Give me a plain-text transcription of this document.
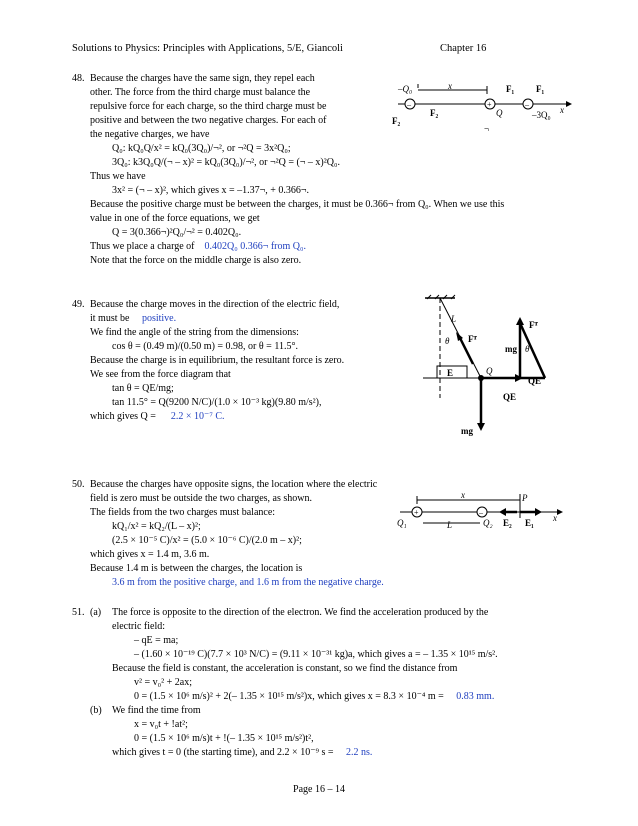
Solutions to Physics: Principles with Applications, 5/E, Giancoli	Chapter 16
48. Because the charges have the same sign, they repel each
other. The force from the third charge must balance the
repulsive force for each charge, so the third charge must be
positive and between the two negative charges. For each of
the negative charges, we have
Q₀: kQ₀Q/x² = kQ₀(3Q₀)/¬², or ¬²Q = 3x²Q₀;
3Q₀: k3Q₀Q/(¬ – x)² = kQ₀(3Q₀)/¬², or ¬²Q = (¬ – x)²Q₀.
Thus we have
3x² = (¬ – x)², which gives x = –1.37¬, + 0.366¬.
Because the positive charge must be between the charges, it must be 0.366¬ from Q₀. When we use this
value in one of the force equations, we get
Q = 3(0.366¬)²Q₀/¬² = 0.402Q₀.
Thus we place a charge of 0.402Q₀ 0.366¬ from Q₀.
Note that the force on the middle charge is also zero.
–	+	–
–Q₀	x	F₁ F₁
x
F₂
F₂	Q	–3Q₀
¬
49. Because the charge moves in the direction of the electric field,
it must be positive.
We find the angle of the string from the dimensions:
cos θ = (0.49 m)/(0.50 m) = 0.98, or θ = 11.5°.
Because the charge is in equilibrium, the resultant force is zero.
We see from the force diagram that
tan θ = QE/mg;
tan 11.5° = Q(9200 N/C)/(1.0 × 10⁻³ kg)(9.80 m/s²),
which gives Q = 2.2 × 10⁻⁷ C.
L
θ Fᵀ
E	Q
QE
mg
Fᵀ
mg θ
QE
50. Because the charges have opposite signs, the location where the electric
field is zero must be outside the two charges, as shown.
The fields from the two charges must balance:
kQ₁/x² = kQ₂/(L – x)²;
(2.5 × 10⁻⁵ C)/x² = (5.0 × 10⁻⁶ C)/(2.0 m – x)²;
which gives x = 1.4 m, 3.6 m.
Because 1.4 m is between the charges, the location is
3.6 m from the positive charge, and 1.6 m from the negative charge.
+	–
x	P
x
Q₁	L	Q₂ E₂ E₁
51. (a) The force is opposite to the direction of the electron. We find the acceleration produced by the
electric field:
– qE = ma;
– (1.60 × 10⁻¹⁹ C)(7.7 × 10³ N/C) = (9.11 × 10⁻³¹ kg)a, which gives a = – 1.35 × 10¹⁵ m/s².
Because the field is constant, the acceleration is constant, so we find the distance from
v² = v₀² + 2ax;
0 = (1.5 × 10⁶ m/s)² + 2(– 1.35 × 10¹⁵ m/s²)x, which gives x = 8.3 × 10⁻⁴ m = 0.83 mm.
(b) We find the time from
x = v₀t + !at²;
0 = (1.5 × 10⁶ m/s)t + !(– 1.35 × 10¹⁵ m/s²)t²,
which gives t = 0 (the starting time), and 2.2 × 10⁻⁹ s = 2.2 ns.
Page 16 – 14
